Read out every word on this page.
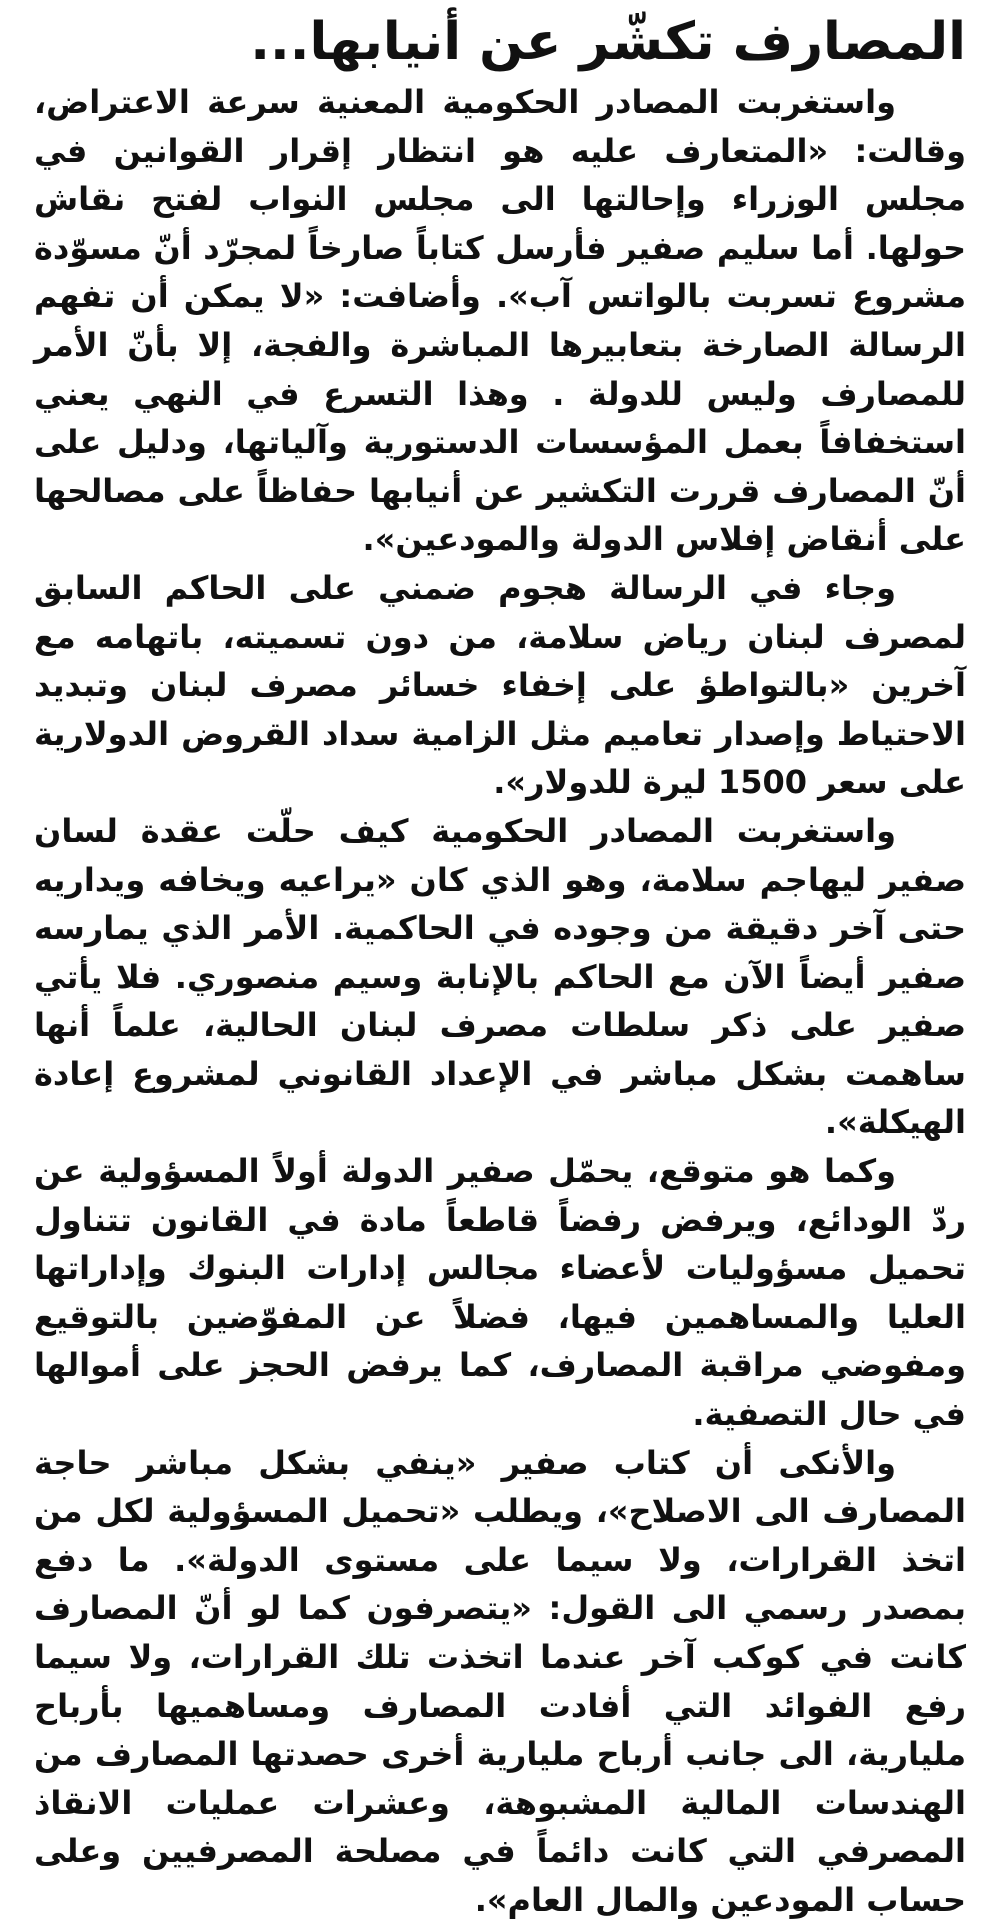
المصارف تكشّر عن أنيابها...

واستغربت المصادر الحكومية المعنية سرعة الاعتراض، وقالت: «المتعارف عليه هو انتظار إقرار القوانين في مجلس الوزراء وإحالتها الى مجلس النواب لفتح نقاش حولها. أما سليم صفير فأرسل كتاباً صارخاً لمجرّد أنّ مسوّدة مشروع تسربت بالواتس آب». وأضافت: «لا يمكن أن تفهم الرسالة الصارخة بتعابيرها المباشرة والفجة، إلا بأنّ الأمر للمصارف وليس للدولة . وهذا التسرع في النهي يعني استخفافاً بعمل المؤسسات الدستورية وآلياتها، ودليل على أنّ المصارف قررت التكشير عن أنيابها حفاظاً على مصالحها على أنقاض إفلاس الدولة والمودعين».

وجاء في الرسالة هجوم ضمني على الحاكم السابق لمصرف لبنان رياض سلامة، من دون تسميته، باتهامه مع آخرين «بالتواطؤ على إخفاء خسائر مصرف لبنان وتبديد الاحتياط وإصدار تعاميم مثل الزامية سداد القروض الدولارية على سعر 1500 ليرة للدولار».

واستغربت المصادر الحكومية كيف حلّت عقدة لسان صفير ليهاجم سلامة، وهو الذي كان «يراعيه ويخافه ويداريه حتى آخر دقيقة من وجوده في الحاكمية. الأمر الذي يمارسه صفير أيضاً الآن مع الحاكم بالإنابة وسيم منصوري. فلا يأتي صفير على ذكر سلطات مصرف لبنان الحالية، علماً أنها ساهمت بشكل مباشر في الإعداد القانوني لمشروع إعادة الهيكلة».

وكما هو متوقع، يحمّل صفير الدولة أولاً المسؤولية عن ردّ الودائع، ويرفض رفضاً قاطعاً مادة في القانون تتناول تحميل مسؤوليات لأعضاء مجالس إدارات البنوك وإداراتها العليا والمساهمين فيها، فضلاً عن المفوّضين بالتوقيع ومفوضي مراقبة المصارف، كما يرفض الحجز على أموالها في حال التصفية.

والأنكى أن كتاب صفير «ينفي بشكل مباشر حاجة المصارف الى الاصلاح»، ويطلب «تحميل المسؤولية لكل من اتخذ القرارات، ولا سيما على مستوى الدولة». ما دفع بمصدر رسمي الى القول: «يتصرفون كما لو أنّ المصارف كانت في كوكب آخر عندما اتخذت تلك القرارات، ولا سيما رفع الفوائد التي أفادت المصارف ومساهميها بأرباح مليارية، الى جانب أرباح مليارية أخرى حصدتها المصارف من الهندسات المالية المشبوهة، وعشرات عمليات الانقاذ المصرفي التي كانت دائماً في مصلحة المصرفيين وعلى حساب المودعين والمال العام».
